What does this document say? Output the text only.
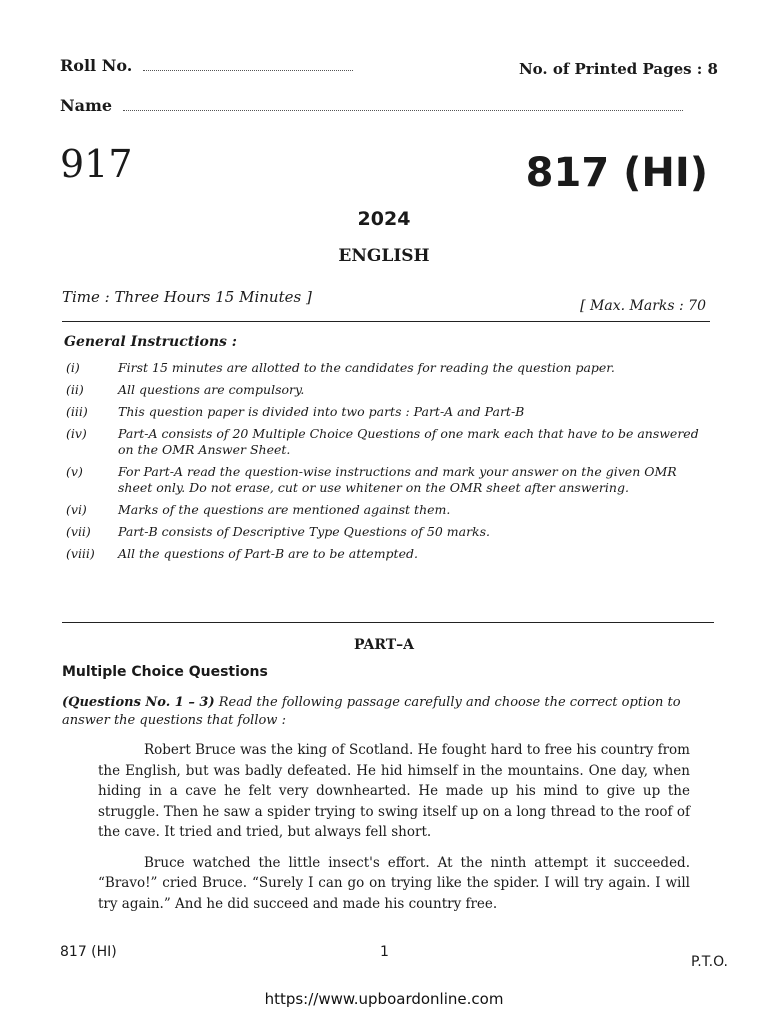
Roll No.	No. of Printed Pages : 8
Name
917	817 (HI)
2024
ENGLISH
Time : Three Hours 15 Minutes ]	[ Max. Marks : 70
General Instructions :
(i)	First 15 minutes are allotted to the candidates for reading the question paper.
(ii)	All questions are compulsory.
(iii)	This question paper is divided into two parts : Part-A and Part-B
(iv)	Part-A consists of 20 Multiple Choice Questions of one mark each that have to be answered on the OMR Answer Sheet.
(v)	For Part-A read the question-wise instructions and mark your answer on the given OMR sheet only. Do not erase, cut or use whitener on the OMR sheet after answering.
(vi)	Marks of the questions are mentioned against them.
(vii)	Part-B consists of Descriptive Type Questions of 50 marks.
(viii)	All the questions of Part-B are to be attempted.
PART–A
Multiple Choice Questions
(Questions No. 1 – 3) Read the following passage carefully and choose the correct option to answer the questions that follow :

Robert Bruce was the king of Scotland. He fought hard to free his country from the English, but was badly defeated. He hid himself in the mountains. One day, when hiding in a cave he felt very downhearted. He made up his mind to give up the struggle. Then he saw a spider trying to swing itself up on a long thread to the roof of the cave. It tried and tried, but always fell short.

Bruce watched the little insect's effort. At the ninth attempt it succeeded. “Bravo!” cried Bruce. “Surely I can go on trying like the spider. I will try again. I will try again.” And he did succeed and made his country free.

817 (HI)	1
P.T.O.
https://www.upboardonline.com
